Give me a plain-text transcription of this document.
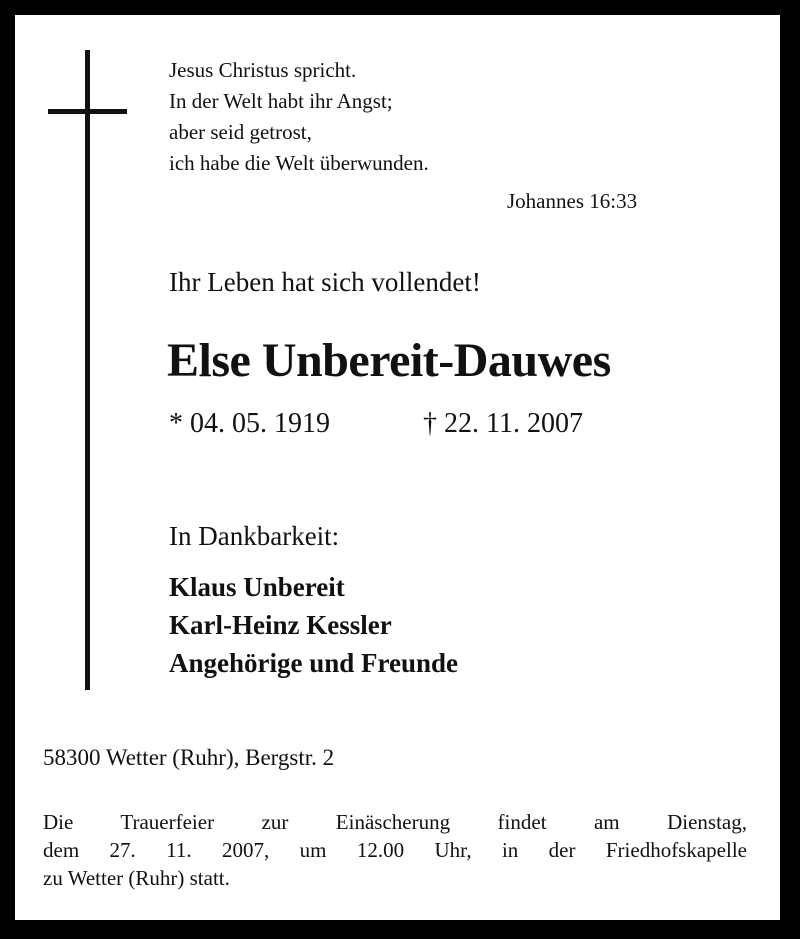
Jesus Christus spricht.
In der Welt habt ihr Angst;
aber seid getrost,
ich habe die Welt überwunden.
Johannes 16:33
Ihr Leben hat sich vollendet!
Else Unbereit-Dauwes
* 04. 05. 1919	† 22. 11. 2007
In Dankbarkeit:
Klaus Unbereit
Karl-Heinz Kessler
Angehörige und Freunde
58300 Wetter (Ruhr), Bergstr. 2
Die Trauerfeier zur Einäscherung findet am Dienstag,
dem 27. 11. 2007, um 12.00 Uhr, in der Friedhofskapelle
zu Wetter (Ruhr) statt.
